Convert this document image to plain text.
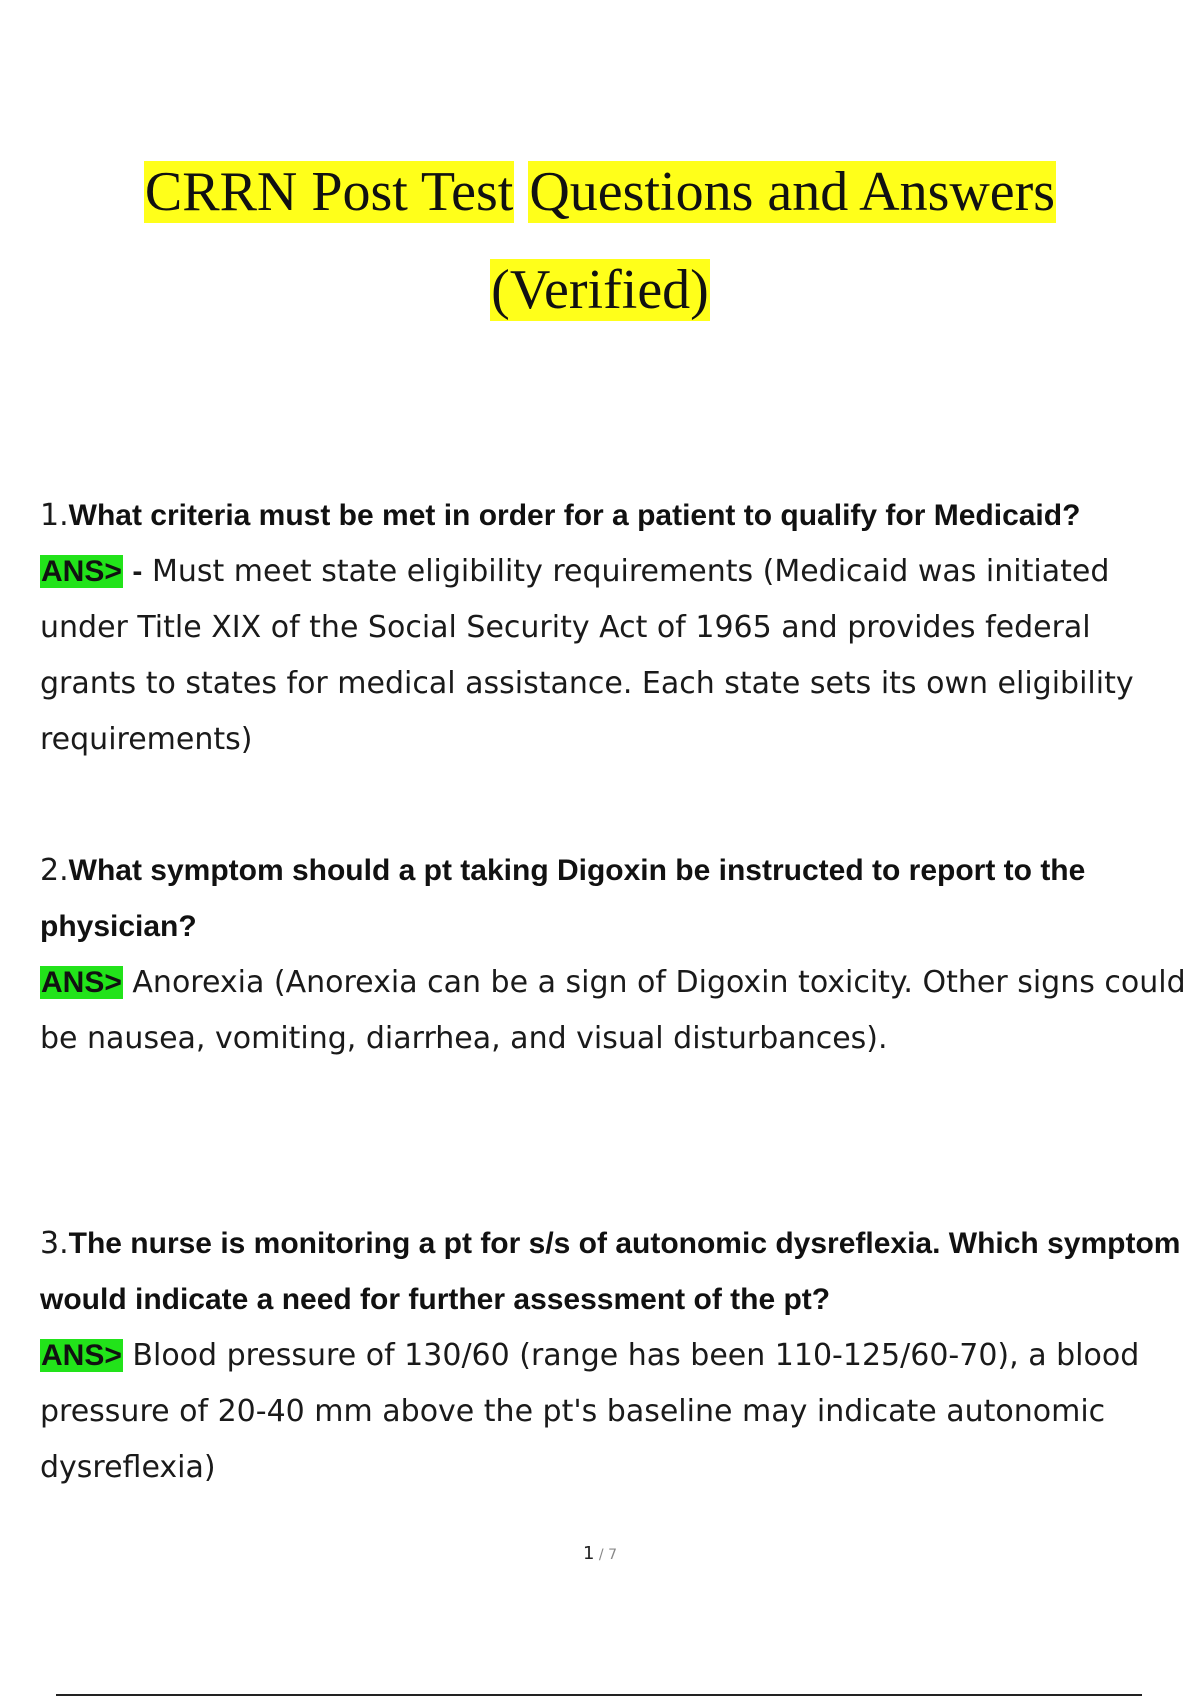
CRRN Post Test Questions and Answers
(Verified)
1.What criteria must be met in order for a patient to qualify for Medicaid?
ANS> - Must meet state eligibility requirements (Medicaid was initiated under Title XIX of the Social Security Act of 1965 and provides federal grants to states for medical assistance. Each state sets its own eligibility requirements)
2.What symptom should a pt taking Digoxin be instructed to report to the physician?
ANS> Anorexia (Anorexia can be a sign of Digoxin toxicity. Other signs could be nausea, vomiting, diarrhea, and visual disturbances).
3.The nurse is monitoring a pt for s/s of autonomic dysreflexia. Which symptom would indicate a need for further assessment of the pt?
ANS> Blood pressure of 130/60 (range has been 110-125/60-70), a blood pressure of 20-40 mm above the pt's baseline may indicate autonomic dysreflexia)
1 / 7
